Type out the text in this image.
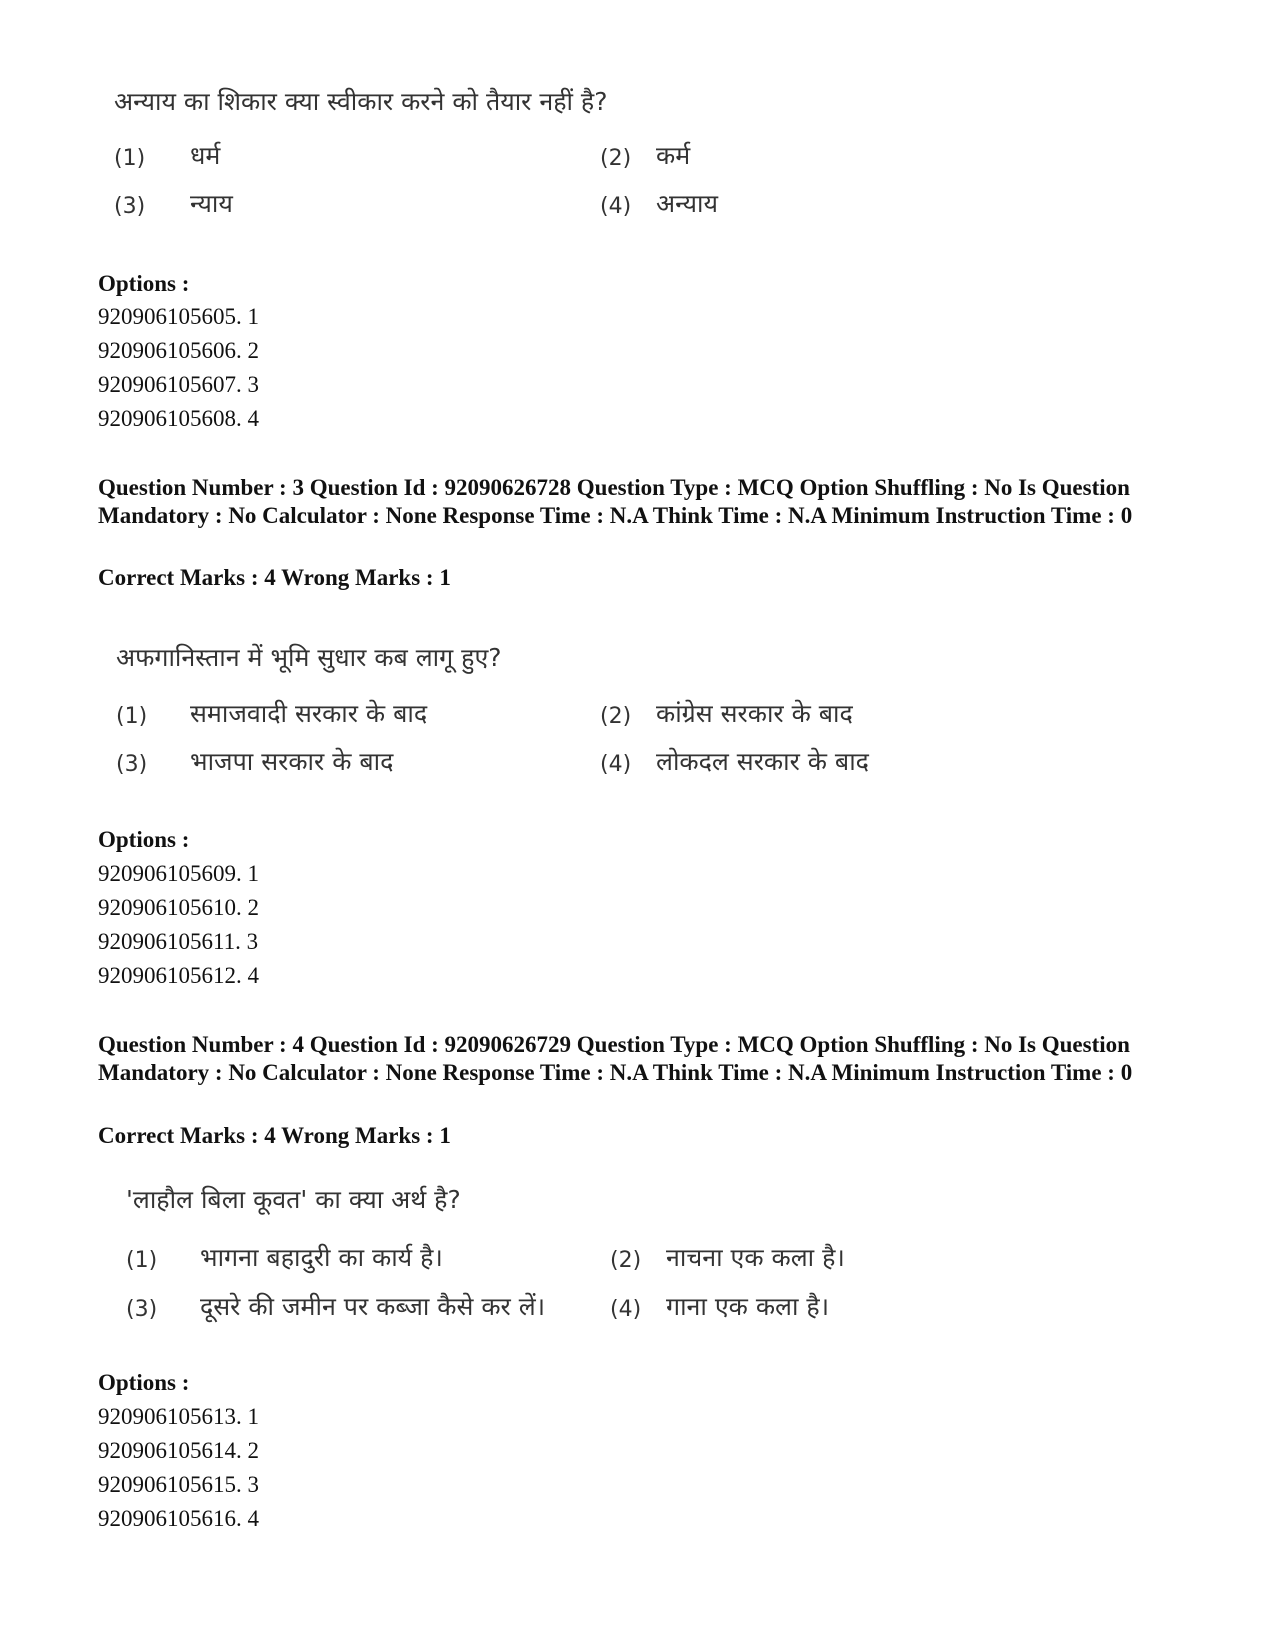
अन्याय का शिकार क्या स्वीकार करने को तैयार नहीं है?
(1) धर्म	(2) कर्म
(3) न्याय	(4) अन्याय
Options :
920906105605. 1
920906105606. 2
920906105607. 3
920906105608. 4
Question Number : 3 Question Id : 92090626728 Question Type : MCQ Option Shuffling : No Is Question Mandatory : No Calculator : None Response Time : N.A Think Time : N.A Minimum Instruction Time : 0
Correct Marks : 4 Wrong Marks : 1
अफगानिस्तान में भूमि सुधार कब लागू हुए?
(1) समाजवादी सरकार के बाद	(2) कांग्रेस सरकार के बाद
(3) भाजपा सरकार के बाद	(4) लोकदल सरकार के बाद
Options :
920906105609. 1
920906105610. 2
920906105611. 3
920906105612. 4
Question Number : 4 Question Id : 92090626729 Question Type : MCQ Option Shuffling : No Is Question Mandatory : No Calculator : None Response Time : N.A Think Time : N.A Minimum Instruction Time : 0
Correct Marks : 4 Wrong Marks : 1
'लाहौल बिला कूवत' का क्या अर्थ है?
(1) भागना बहादुरी का कार्य है।	(2) नाचना एक कला है।
(3) दूसरे की जमीन पर कब्जा कैसे कर लें।	(4) गाना एक कला है।
Options :
920906105613. 1
920906105614. 2
920906105615. 3
920906105616. 4
